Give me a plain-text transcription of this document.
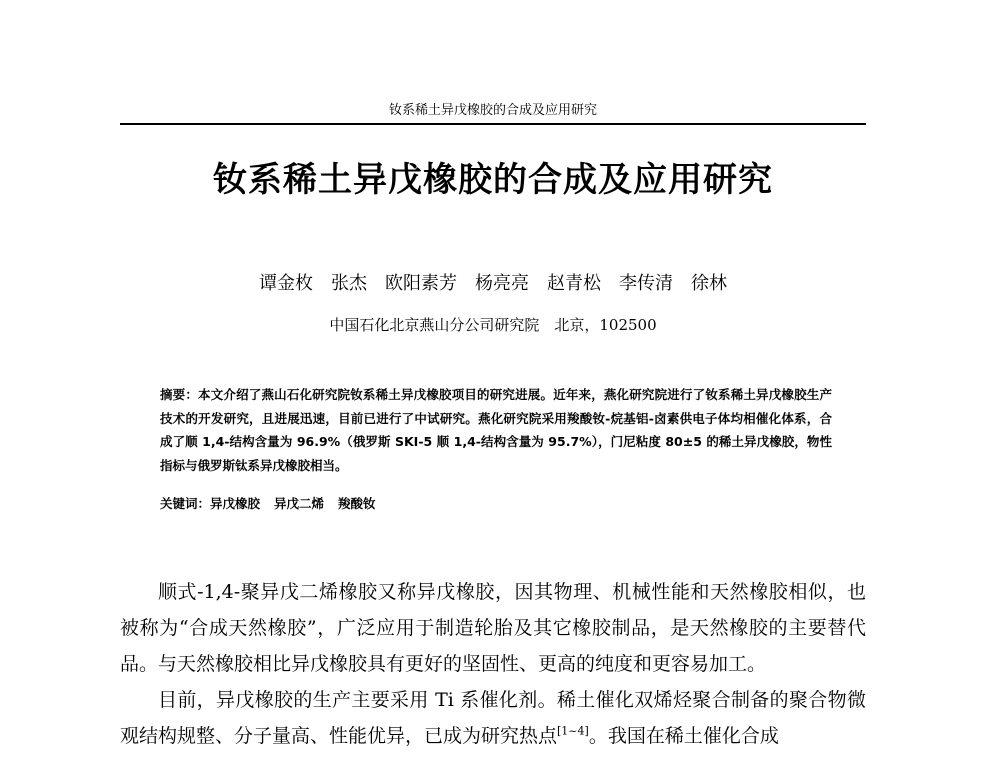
钕系稀土异戊橡胶的合成及应用研究
钕系稀土异戊橡胶的合成及应用研究
谭金枚 张杰 欧阳素芳 杨亮亮 赵青松 李传清 徐林
中国石化北京燕山分公司研究院　北京，102500
摘要：本文介绍了燕山石化研究院钕系稀土异戊橡胶项目的研究进展。近年来，燕化研究院进行了钕系稀土异戊橡胶生产技术的开发研究，且进展迅速，目前已进行了中试研究。燕化研究院采用羧酸钕-烷基铝-卤素供电子体均相催化体系，合成了顺 1,4-结构含量为 96.9%（俄罗斯 SKI-5 顺 1,4-结构含量为 95.7%），门尼粘度 80±5 的稀土异戊橡胶，物性指标与俄罗斯钛系异戊橡胶相当。
关键词：异戊橡胶 异戊二烯 羧酸钕

顺式-1,4-聚异戊二烯橡胶又称异戊橡胶，因其物理、机械性能和天然橡胶相似，也被称为“合成天然橡胶”，广泛应用于制造轮胎及其它橡胶制品，是天然橡胶的主要替代品。与天然橡胶相比异戊橡胶具有更好的坚固性、更高的纯度和更容易加工。

目前，异戊橡胶的生产主要采用 Ti 系催化剂。稀土催化双烯烃聚合制备的聚合物微观结构规整、分子量高、性能优异，已成为研究热点[1~4]。我国在稀土催化合成
